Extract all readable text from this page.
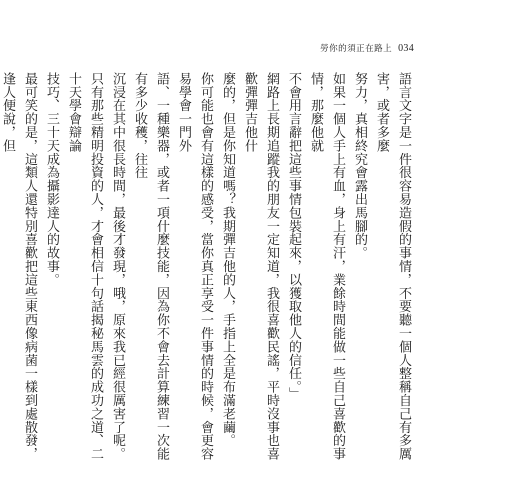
勞你的須正在路上 034

語言文字是一件很容易造假的事情，不要聽一個人整稱自己有多厲害，或者多麼

努力，真相終究會露出馬腳的。

如果一個人手上有血，身上有汗，業餘時間能做一些自己喜歡的事情，那麼他就

不會用言辭把這些事情包裝起來，以獲取他人的信任。」

網路上長期追蹤我的朋友一定知道，我很喜歡民謠，平時沒事也喜歡彈彈吉他什

麼的，但是你知道嗎？我期彈吉他的人，手指上全是布滿老繭。

你可能也會有這樣的感受，當你真正享受一件事情的時候，會更容易學會一門外

語、一種樂器，或者一項什麼技能，因為你不會去計算練習一次能有多少收穫，往往

沉浸在其中很長時間，最後才發現，哦，原來我已經很厲害了呢。

只有那些精明投資的人，才會相信十句話揭秘馬雲的成功之道、二十天學會辯論

技巧、三十天成為攝影達人的故事。

最可笑的是，這類人還特別喜歡把這些東西像病菌一樣到處散發，逢人便說，但
